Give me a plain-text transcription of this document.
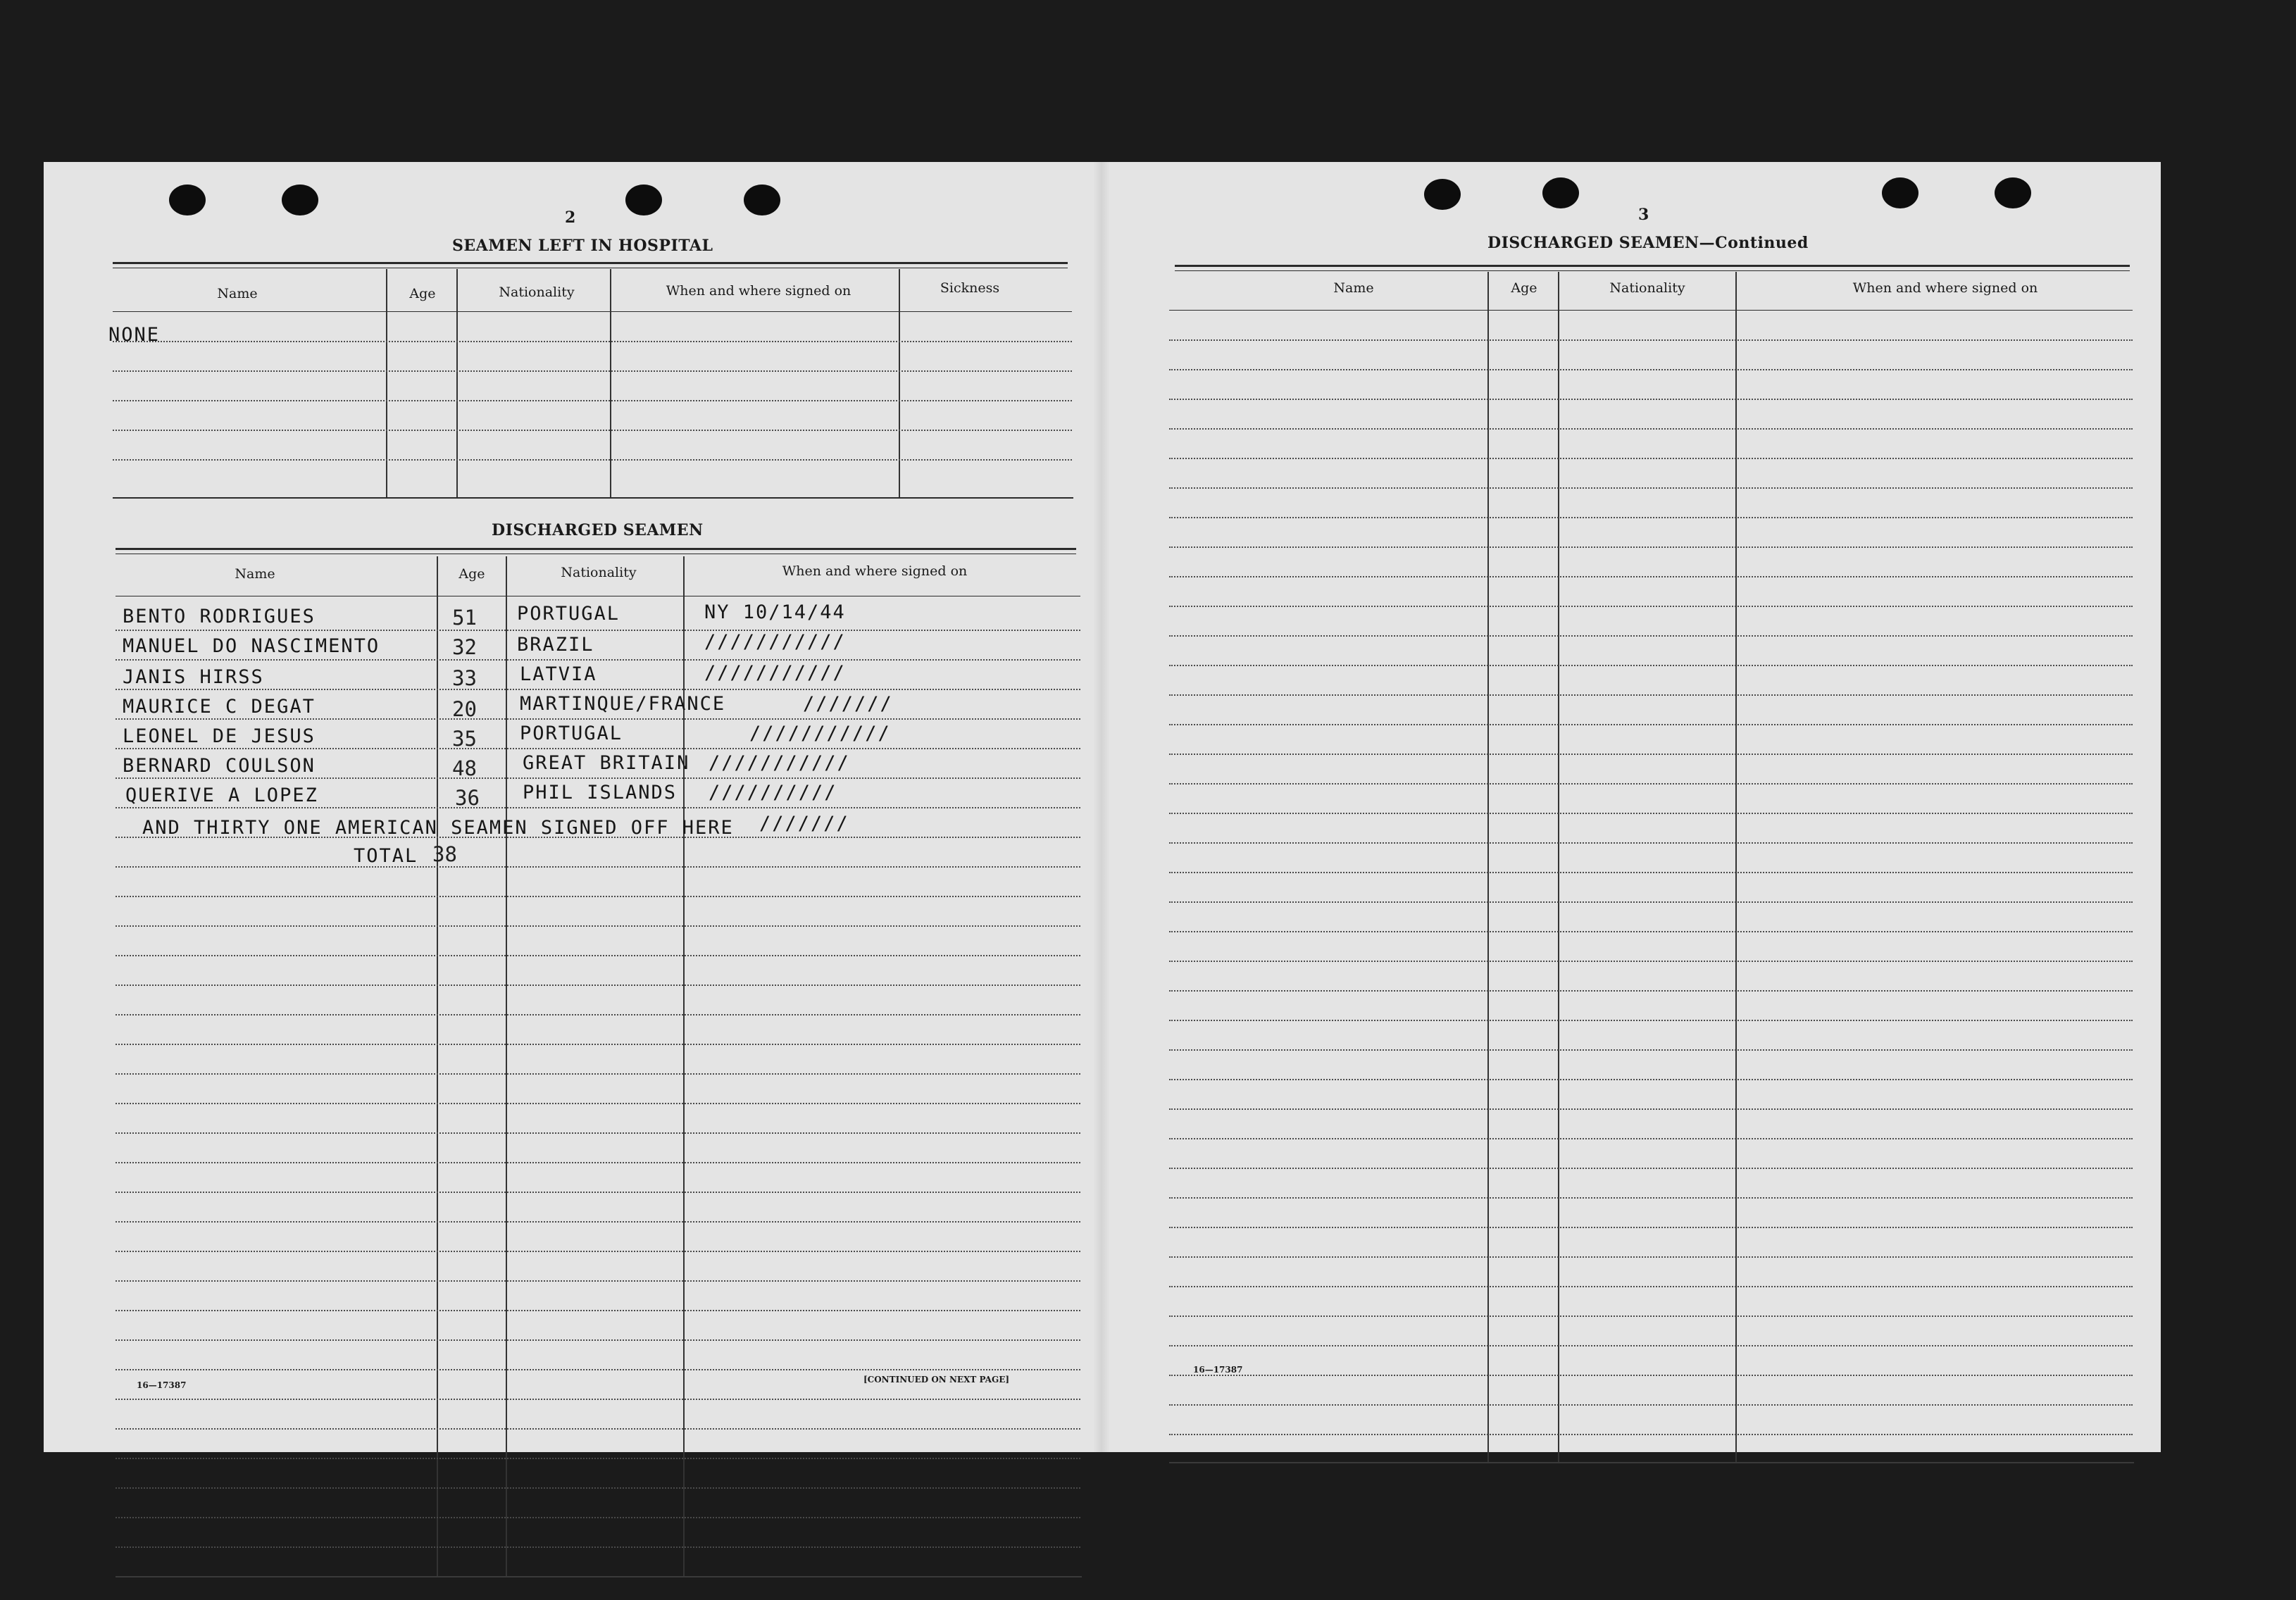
2
SEAMEN LEFT IN HOSPITAL
Name	Age	Nationality	When and where signed on	Sickness
NONE
DISCHARGED SEAMEN
Name	Age	Nationality	When and where signed on
BENTO RODRIGUES	51 PORTUGAL	NY 10/14/44
MANUEL DO NASCIMENTO	32 BRAZIL	///////////
JANIS HIRSS	33 LATVIA	///////////
MAURICE C DEGAT	20 MARTINQUE/FRANCE	///////
LEONEL DE JESUS	35 PORTUGAL	///////////
BERNARD COULSON	48 GREAT BRITAIN ///////////
QUERIVE A LOPEZ	36 PHIL ISLANDS //////////
AND THIRTY ONE AMERICAN SEAMEN SIGNED OFF HERE ///////
TOTAL 38
16—17387
[CONTINUED ON NEXT PAGE]
3
DISCHARGED SEAMEN—Continued
Name	Age	Nationality	When and where signed on
16—17387
